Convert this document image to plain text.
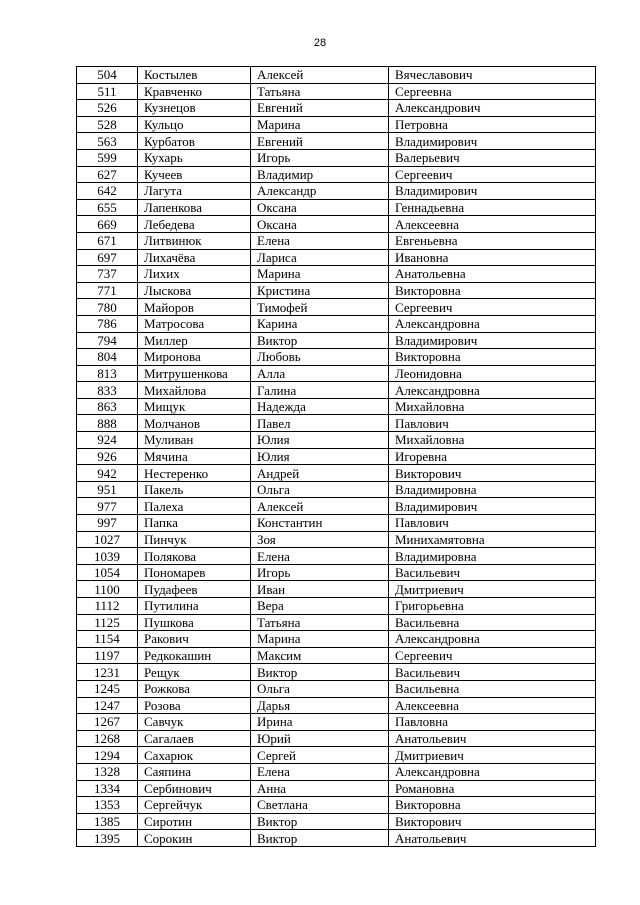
28
504	Костылев	Алексей	Вячеславович
511	Кравченко	Татьяна	Сергеевна
526	Кузнецов	Евгений	Александрович
528	Кульцо	Марина	Петровна
563	Курбатов	Евгений	Владимирович
599	Кухарь	Игорь	Валерьевич
627	Кучеев	Владимир	Сергеевич
642	Лагута	Александр	Владимирович
655	Лапенкова	Оксана	Геннадьевна
669	Лебедева	Оксана	Алексеевна
671	Литвинюк	Елена	Евгеньевна
697	Лихачёва	Лариса	Ивановна
737	Лихих	Марина	Анатольевна
771	Лыскова	Кристина	Викторовна
780	Майоров	Тимофей	Сергеевич
786	Матросова	Карина	Александровна
794	Миллер	Виктор	Владимирович
804	Миронова	Любовь	Викторовна
813	Митрушенкова	Алла	Леонидовна
833	Михайлова	Галина	Александровна
863	Мищук	Надежда	Михайловна
888	Молчанов	Павел	Павлович
924	Муливан	Юлия	Михайловна
926	Мячина	Юлия	Игоревна
942	Нестеренко	Андрей	Викторович
951	Пакель	Ольга	Владимировна
977	Палеха	Алексей	Владимирович
997	Папка	Константин	Павлович
1027	Пинчук	Зоя	Минихамятовна
1039	Полякова	Елена	Владимировна
1054	Пономарев	Игорь	Васильевич
1100	Пудафеев	Иван	Дмитриевич
1112	Путилина	Вера	Григорьевна
1125	Пушкова	Татьяна	Васильевна
1154	Ракович	Марина	Александровна
1197	Редкокашин	Максим	Сергеевич
1231	Рещук	Виктор	Васильевич
1245	Рожкова	Ольга	Васильевна
1247	Розова	Дарья	Алексеевна
1267	Савчук	Ирина	Павловна
1268	Сагалаев	Юрий	Анатольевич
1294	Сахарюк	Сергей	Дмитриевич
1328	Саяпина	Елена	Александровна
1334	Сербинович	Анна	Романовна
1353	Сергейчук	Светлана	Викторовна
1385	Сиротин	Виктор	Викторович
1395	Сорокин	Виктор	Анатольевич
